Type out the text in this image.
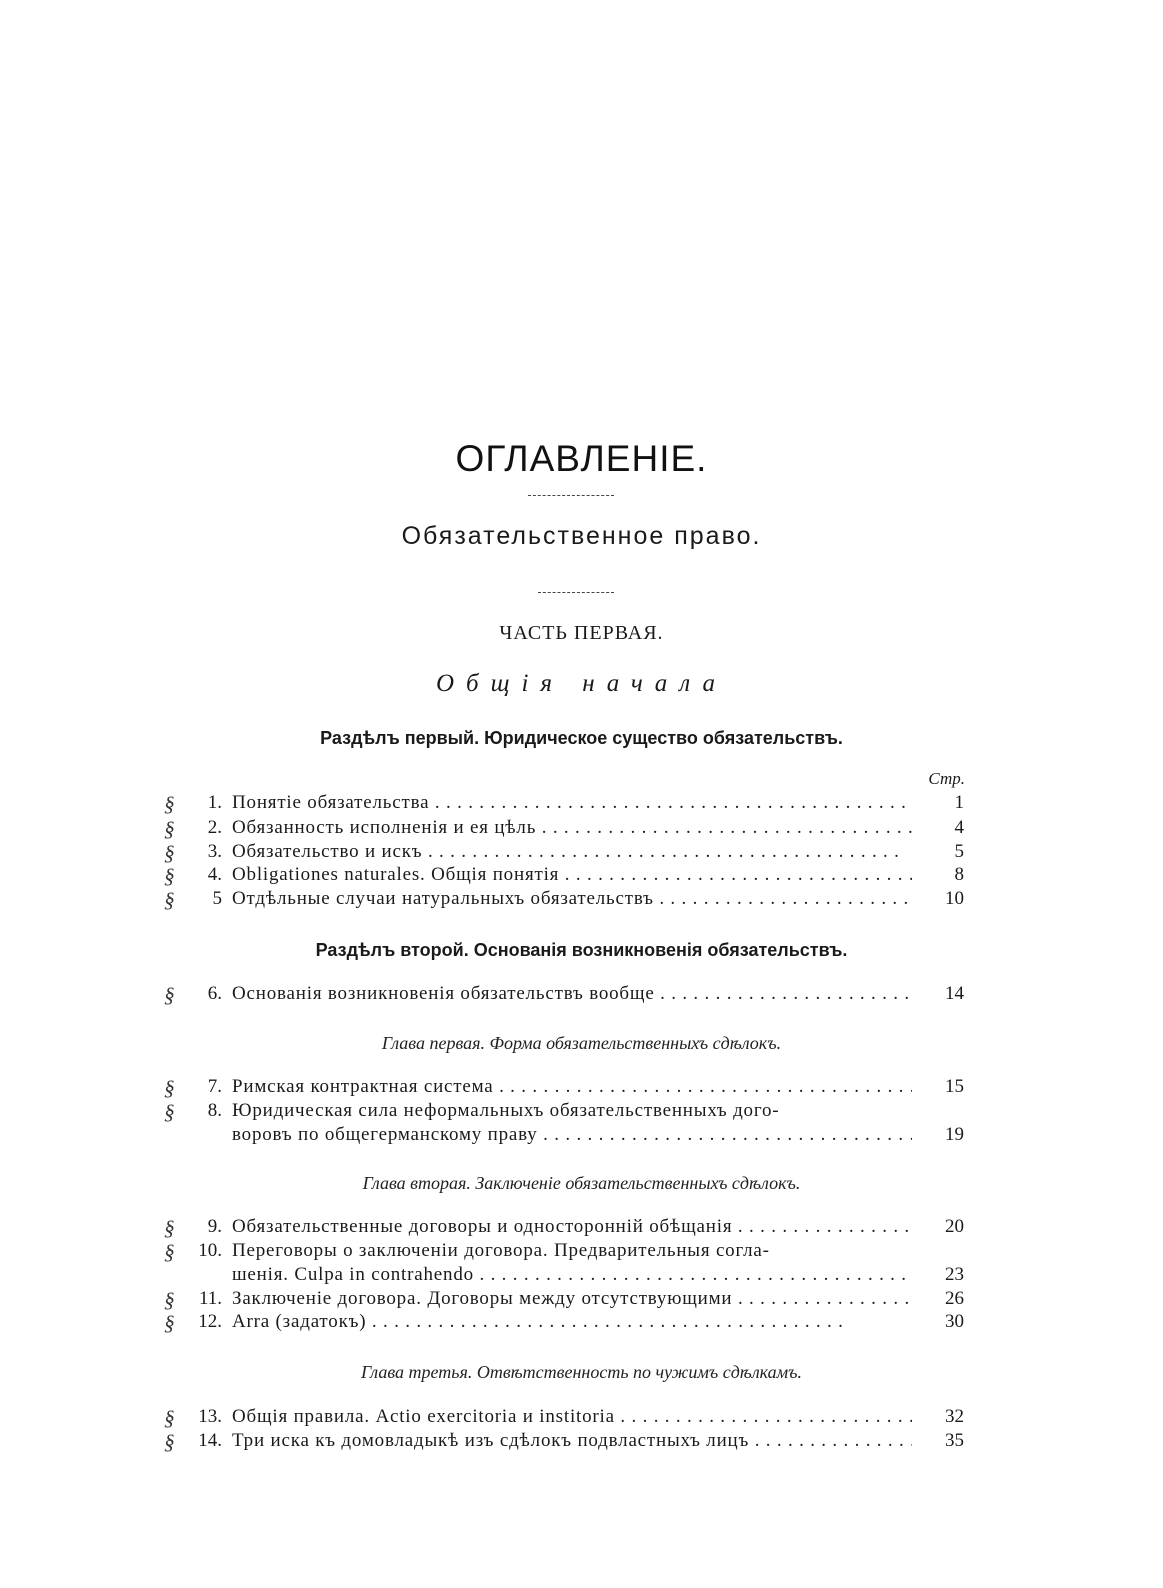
ОГЛАВЛЕНІЕ.
Обязательственное право.
ЧАСТЬ ПЕРВАЯ.
Общія начала
Раздѣлъ первый. Юридическое существо обязательствъ.
Стр.
§	1. Понятіе обязательства . .	1
§	2. Обязанность исполненія и ея цѣль . .	4
§	3. Обязательство и искъ . .	5
§	4. Obligationes naturales. Общія понятія . .	8
§	5 Отдѣльные случаи натуральныхъ обязательствъ . .	10
Раздѣлъ второй. Основанія возникновенія обязательствъ.
§	6. Основанія возникновенія обязательствъ вообще . .	14
Глава первая. Форма обязательственныхъ сдѣлокъ.
§	7. Римская контрактная система . .	15
§	8. Юридическая сила неформальныхъ обязательственныхъ дого-
воровъ по общегерманскому праву . .	19
Глава вторая. Заключеніе обязательственныхъ сдѣлокъ.
§	9. Обязательственные договоры и односторонній обѣщанія . .	20
§	10. Переговоры о заключеніи договора. Предварительныя согла-
шенія. Culpa in contrahendo . .	23
§	11. Заключеніе договора. Договоры между отсутствующими . .	26
§	12. Arra (задатокъ) . .	30
Глава третья. Отвѣтственность по чужимъ сдѣлкамъ.
§	13. Общія правила. Actio exercitoria и institoria . .	32
§	14. Три иска къ домовладыкѣ изъ сдѣлокъ подвластныхъ лицъ . .	35
